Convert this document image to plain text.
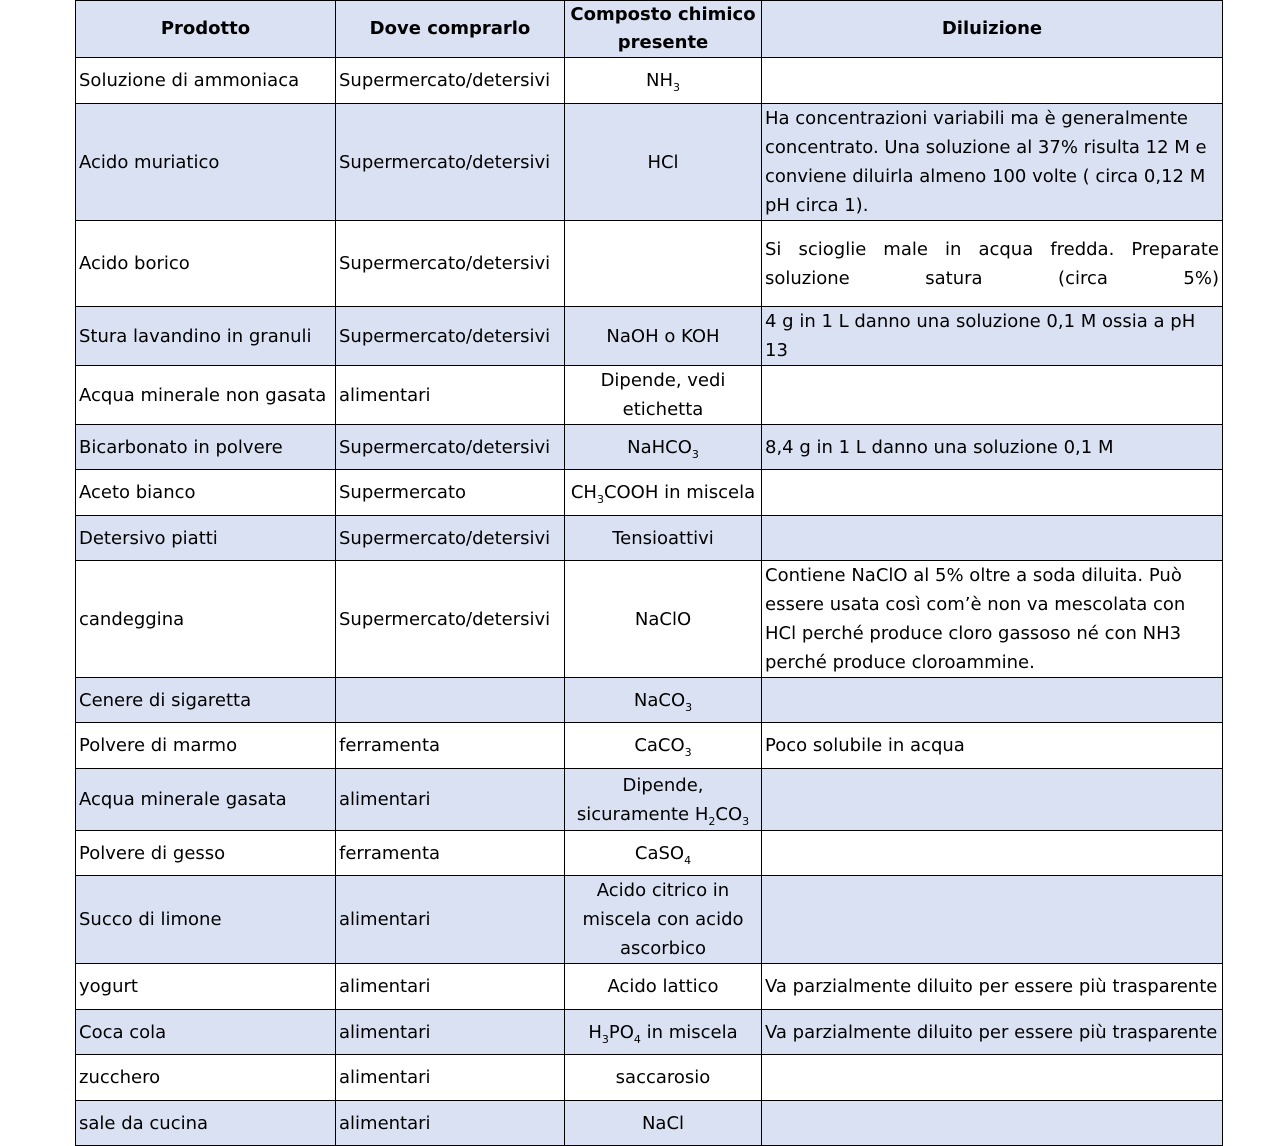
Prodotto	Dove comprarlo	Composto chimico presente	Diluizione
Soluzione di ammoniaca	Supermercato/detersivi	$NH_3$	
Acido muriatico	Supermercato/detersivi	HCl	Ha concentrazioni variabili ma è generalmente concentrato. Una soluzione al 37% risulta 12 M e conviene diluirla almeno 100 volte ( circa 0,12 M pH circa 1).
Acido borico	Supermercato/detersivi		Si scioglie male in acqua fredda. Preparate soluzione satura (circa 5%)
Stura lavandino in granuli	Supermercato/detersivi	NaOH o KOH	4 g in 1 L danno una soluzione 0,1 M ossia a pH 13
Acqua minerale non gasata	alimentari	Dipende, vedi etichetta	
Bicarbonato in polvere	Supermercato/detersivi	NaHCO$_3$	8,4 g in 1 L danno una soluzione 0,1 M
Aceto bianco	Supermercato	$CH_3COOH$ in miscela	
Detersivo piatti	Supermercato/detersivi	Tensioattivi	
candeggina	Supermercato/detersivi	NaClO	Contiene NaClO al 5% oltre a soda diluita. Può essere usata così com’è non va mescolata con HCl perché produce cloro gassoso né con NH3 perché produce cloroammine.
Cenere di sigaretta		NaCO$_3$	
Polvere di marmo	ferramenta	CaCO$_3$	Poco solubile in acqua
Acqua minerale gasata	alimentari	Dipende, sicuramente $H_2CO_3$	
Polvere di gesso	ferramenta	CaSO$_4$	
Succo di limone	alimentari	Acido citrico in miscela con acido ascorbico	
yogurt	alimentari	Acido lattico	Va parzialmente diluito per essere più trasparente
Coca cola	alimentari	$H_3PO_4$ in miscela	Va parzialmente diluito per essere più trasparente
zucchero	alimentari	saccarosio	
sale da cucina	alimentari	NaCl	
